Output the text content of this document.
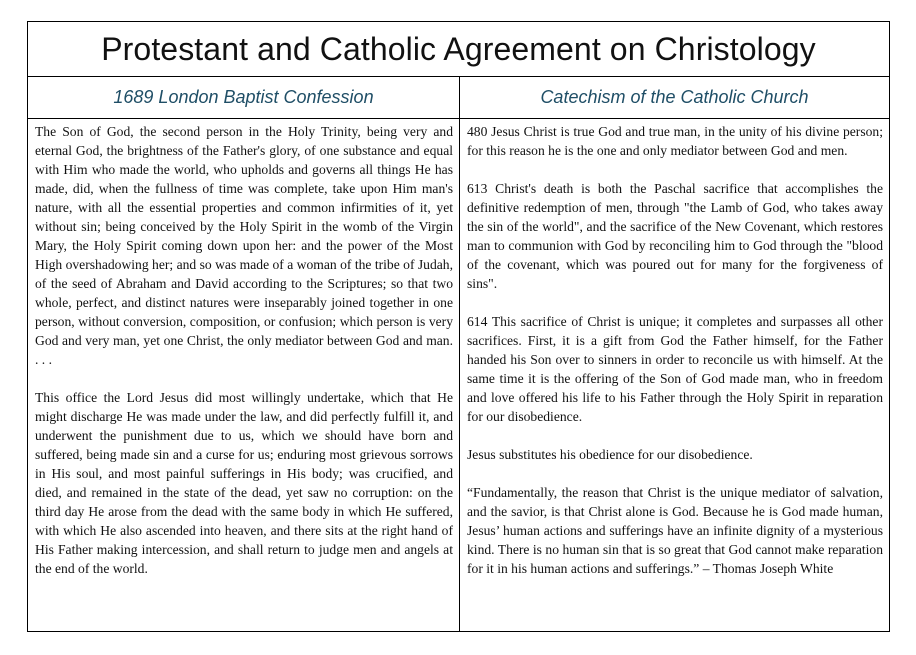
Protestant and Catholic Agreement on Christology
1689 London Baptist Confession	Catechism of the Catholic Church

The Son of God, the second person in the Holy Trinity, being very and eternal God, the brightness of the Father's glory, of one substance and equal with Him who made the world, who upholds and governs all things He has made, did, when the fullness of time was complete, take upon Him man's nature, with all the essential properties and common infirmities of it, yet without sin; being conceived by the Holy Spirit in the womb of the Virgin Mary, the Holy Spirit coming down upon her: and the power of the Most High overshadowing her; and so was made of a woman of the tribe of Judah, of the seed of Abraham and David according to the Scriptures; so that two whole, perfect, and distinct natures were inseparably joined together in one person, without conversion, composition, or confusion; which person is very God and very man, yet one Christ, the only mediator between God and man. . . .

This office the Lord Jesus did most willingly undertake, which that He might discharge He was made under the law, and did perfectly fulfill it, and underwent the punishment due to us, which we should have born and suffered, being made sin and a curse for us; enduring most grievous sorrows in His soul, and most painful sufferings in His body; was crucified, and died, and remained in the state of the dead, yet saw no corruption: on the third day He arose from the dead with the same body in which He suffered, with which He also ascended into heaven, and there sits at the right hand of His Father making intercession, and shall return to judge men and angels at the end of the world.

480 Jesus Christ is true God and true man, in the unity of his divine person; for this reason he is the one and only mediator between God and men.

613 Christ's death is both the Paschal sacrifice that accomplishes the definitive redemption of men, through "the Lamb of God, who takes away the sin of the world", and the sacrifice of the New Covenant, which restores man to communion with God by reconciling him to God through the "blood of the covenant, which was poured out for many for the forgiveness of sins".

614 This sacrifice of Christ is unique; it completes and surpasses all other sacrifices. First, it is a gift from God the Father himself, for the Father handed his Son over to sinners in order to reconcile us with himself. At the same time it is the offering of the Son of God made man, who in freedom and love offered his life to his Father through the Holy Spirit in reparation for our disobedience.

Jesus substitutes his obedience for our disobedience.

“Fundamentally, the reason that Christ is the unique mediator of salvation, and the savior, is that Christ alone is God. Because he is God made human, Jesus’ human actions and sufferings have an infinite dignity of a mysterious kind. There is no human sin that is so great that God cannot make reparation for it in his human actions and sufferings.” – Thomas Joseph White
